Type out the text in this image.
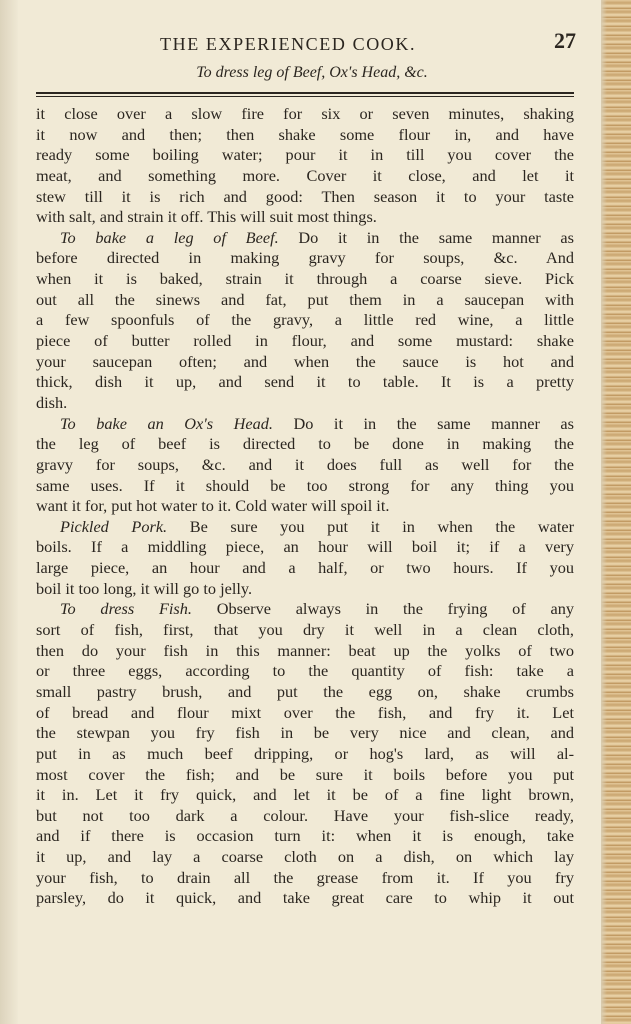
THE EXPERIENCED COOK.	27
To dress leg of Beef, Ox's Head, &c.
it close over a slow fire for six or seven minutes, shaking
it now and then; then shake some flour in, and have
ready some boiling water; pour it in till you cover the
meat, and something more. Cover it close, and let it
stew till it is rich and good: Then season it to your taste
with salt, and strain it off. This will suit most things.
To bake a leg of Beef. Do it in the same manner as
before directed in making gravy for soups, &c. And
when it is baked, strain it through a coarse sieve. Pick
out all the sinews and fat, put them in a saucepan with
a few spoonfuls of the gravy, a little red wine, a little
piece of butter rolled in flour, and some mustard: shake
your saucepan often; and when the sauce is hot and
thick, dish it up, and send it to table. It is a pretty
dish.
To bake an Ox's Head. Do it in the same manner as
the leg of beef is directed to be done in making the
gravy for soups, &c. and it does full as well for the
same uses. If it should be too strong for any thing you
want it for, put hot water to it. Cold water will spoil it.
Pickled Pork. Be sure you put it in when the water
boils. If a middling piece, an hour will boil it; if a very
large piece, an hour and a half, or two hours. If you
boil it too long, it will go to jelly.
To dress Fish. Observe always in the frying of any
sort of fish, first, that you dry it well in a clean cloth,
then do your fish in this manner: beat up the yolks of two
or three eggs, according to the quantity of fish: take a
small pastry brush, and put the egg on, shake crumbs
of bread and flour mixt over the fish, and fry it. Let
the stewpan you fry fish in be very nice and clean, and
put in as much beef dripping, or hog's lard, as will al-
most cover the fish; and be sure it boils before you put
it in. Let it fry quick, and let it be of a fine light brown,
but not too dark a colour. Have your fish-slice ready,
and if there is occasion turn it: when it is enough, take
it up, and lay a coarse cloth on a dish, on which lay
your fish, to drain all the grease from it. If you fry
parsley, do it quick, and take great care to whip it out
